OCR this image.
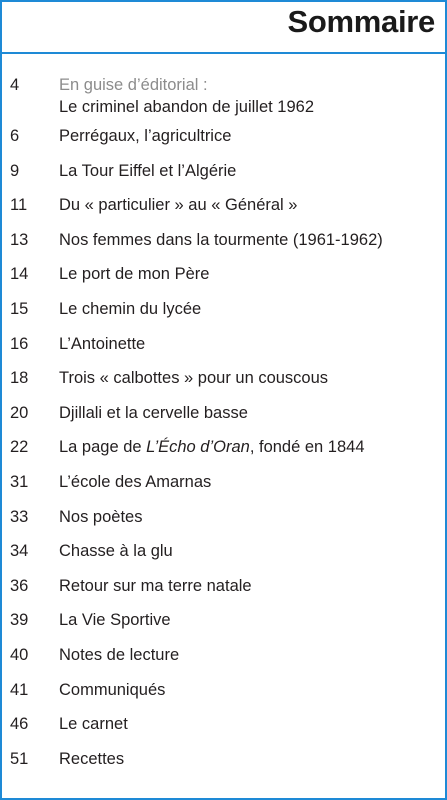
Sommaire
4	En guise d’éditorial :
Le criminel abandon de juillet 1962
6	Perrégaux, l’agricultrice
9	La Tour Eiffel et l’Algérie
11	Du « particulier » au « Général »
13	Nos femmes dans la tourmente (1961-1962)
14	Le port de mon Père
15	Le chemin du lycée
16	L’Antoinette
18	Trois « calbottes » pour un couscous
20	Djillali et la cervelle basse
22	La page de L’Écho d’Oran, fondé en 1844
31	L’école des Amarnas
33	Nos poètes
34	Chasse à la glu
36	Retour sur ma terre natale
39	La Vie Sportive
40	Notes de lecture
41	Communiqués
46	Le carnet
51	Recettes
